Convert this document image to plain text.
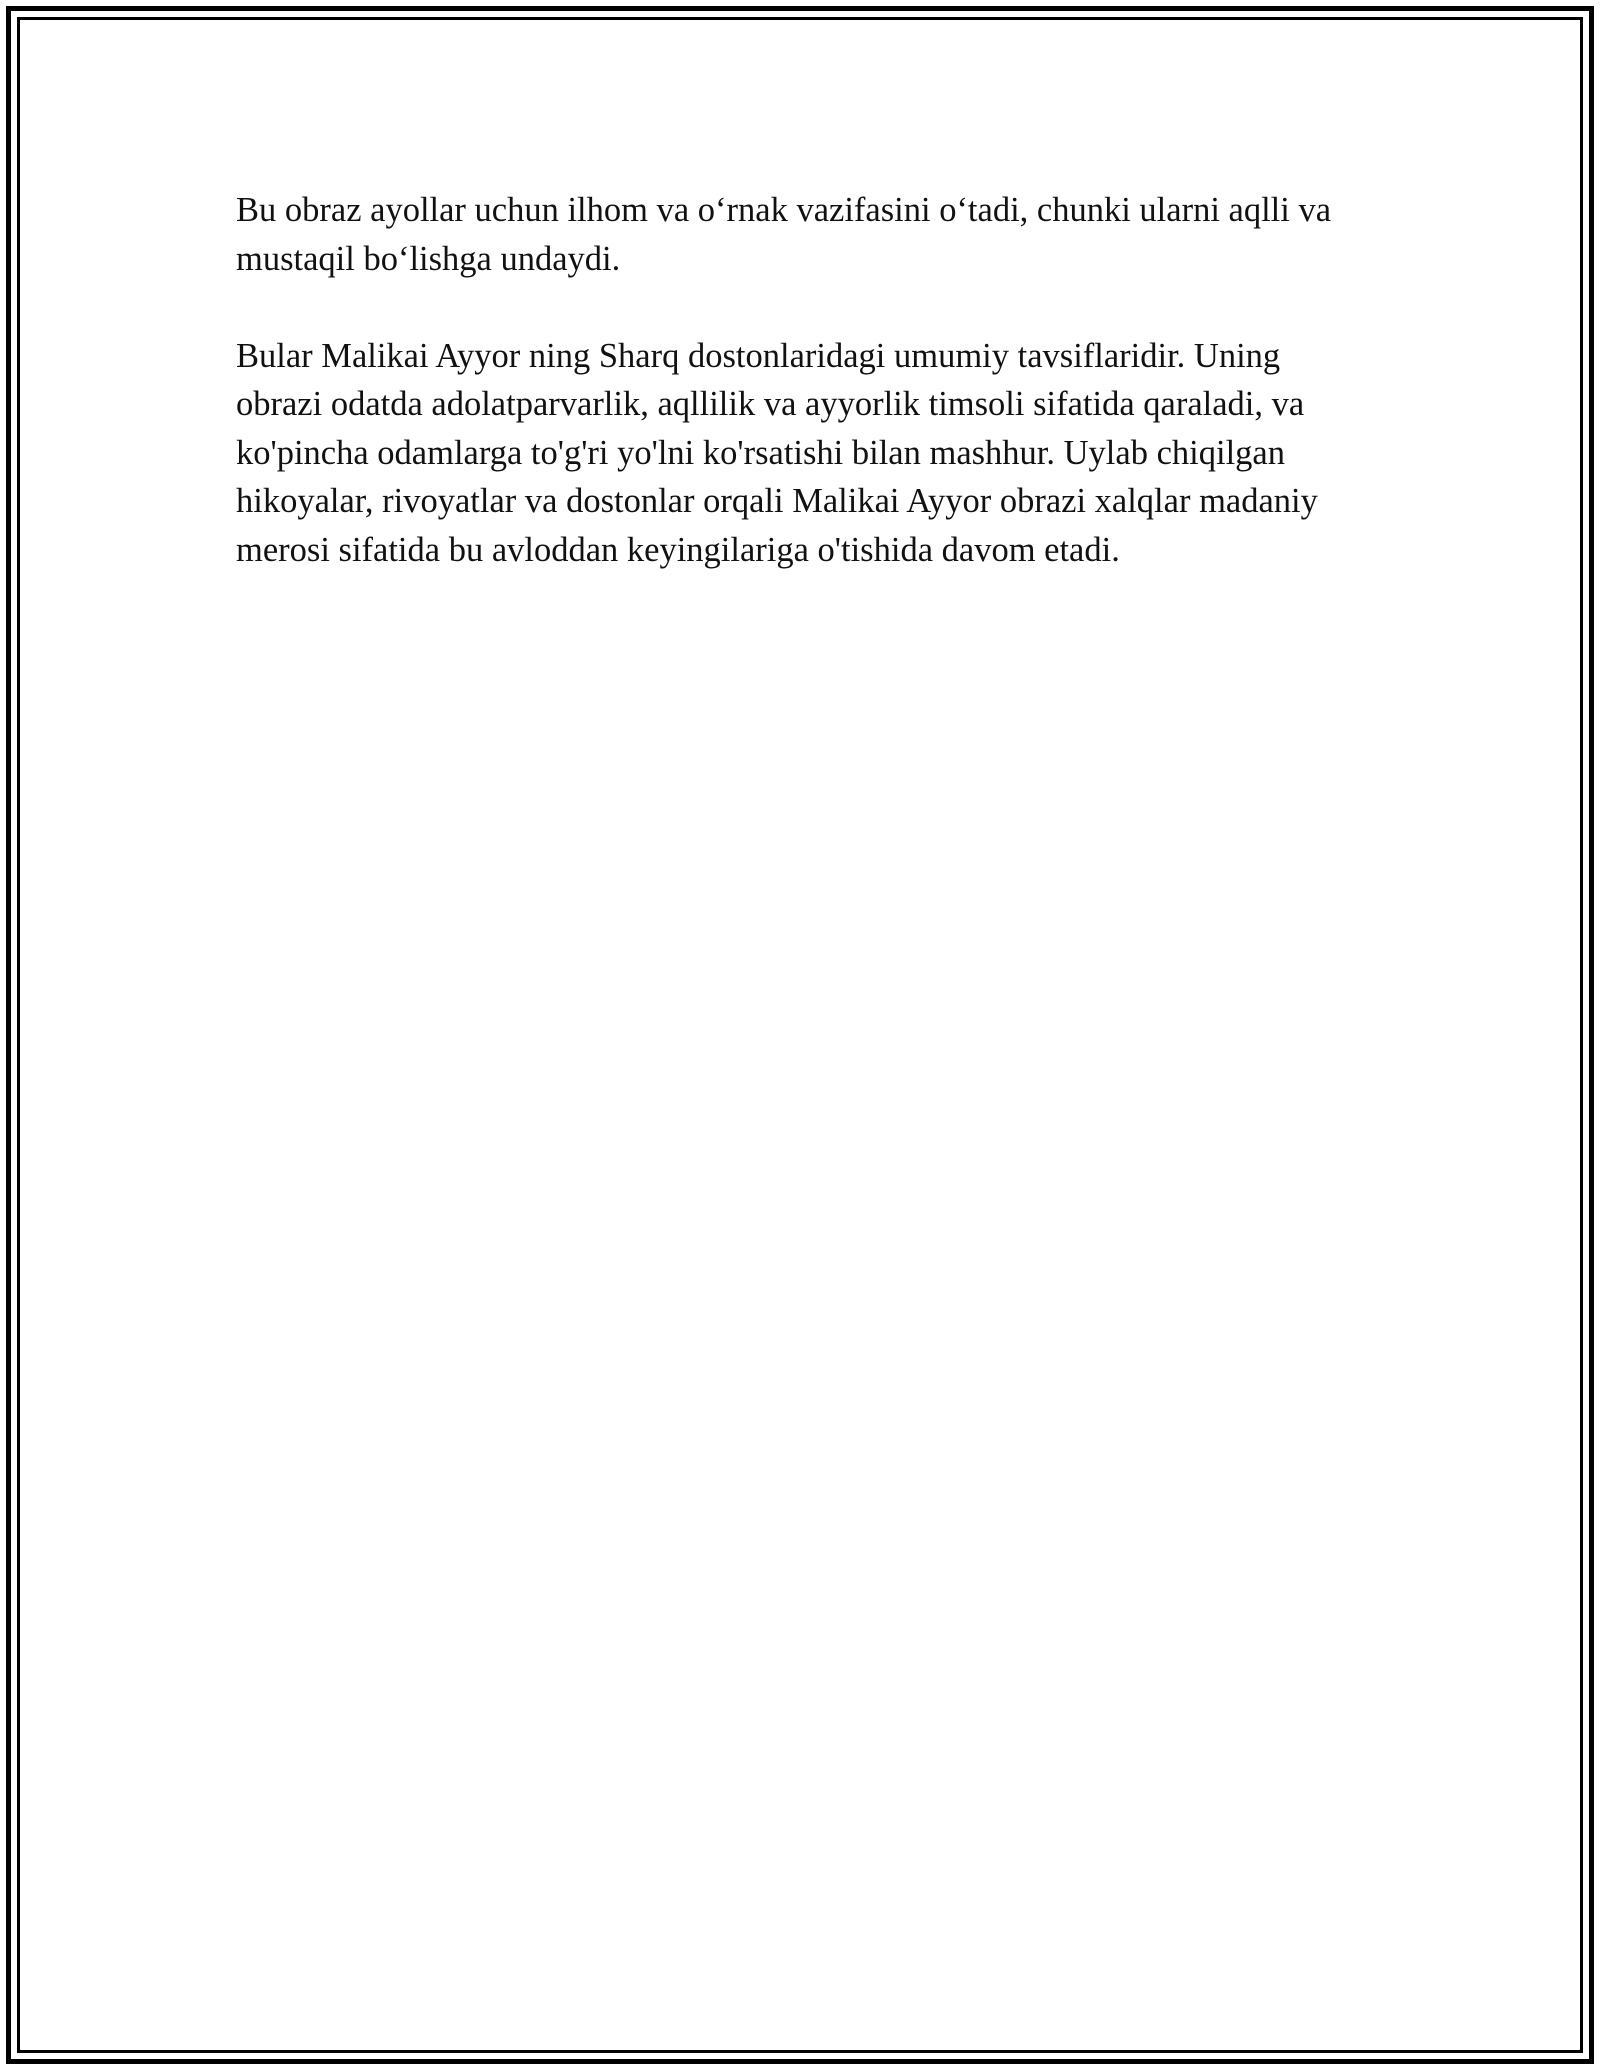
Bu obraz ayollar uchun ilhom va o‘rnak vazifasini o‘tadi, chunki ularni aqlli va mustaqil bo‘lishga undaydi.

Bular Malikai Ayyor ning Sharq dostonlaridagi umumiy tavsiflaridir. Uning obrazi odatda adolatparvarlik, aqllilik va ayyorlik timsoli sifatida qaraladi, va ko'pincha odamlarga to'g'ri yo'lni ko'rsatishi bilan mashhur. Uylab chiqilgan hikoyalar, rivoyatlar va dostonlar orqali Malikai Ayyor obrazi xalqlar madaniy merosi sifatida bu avloddan keyingilariga o'tishida davom etadi.
